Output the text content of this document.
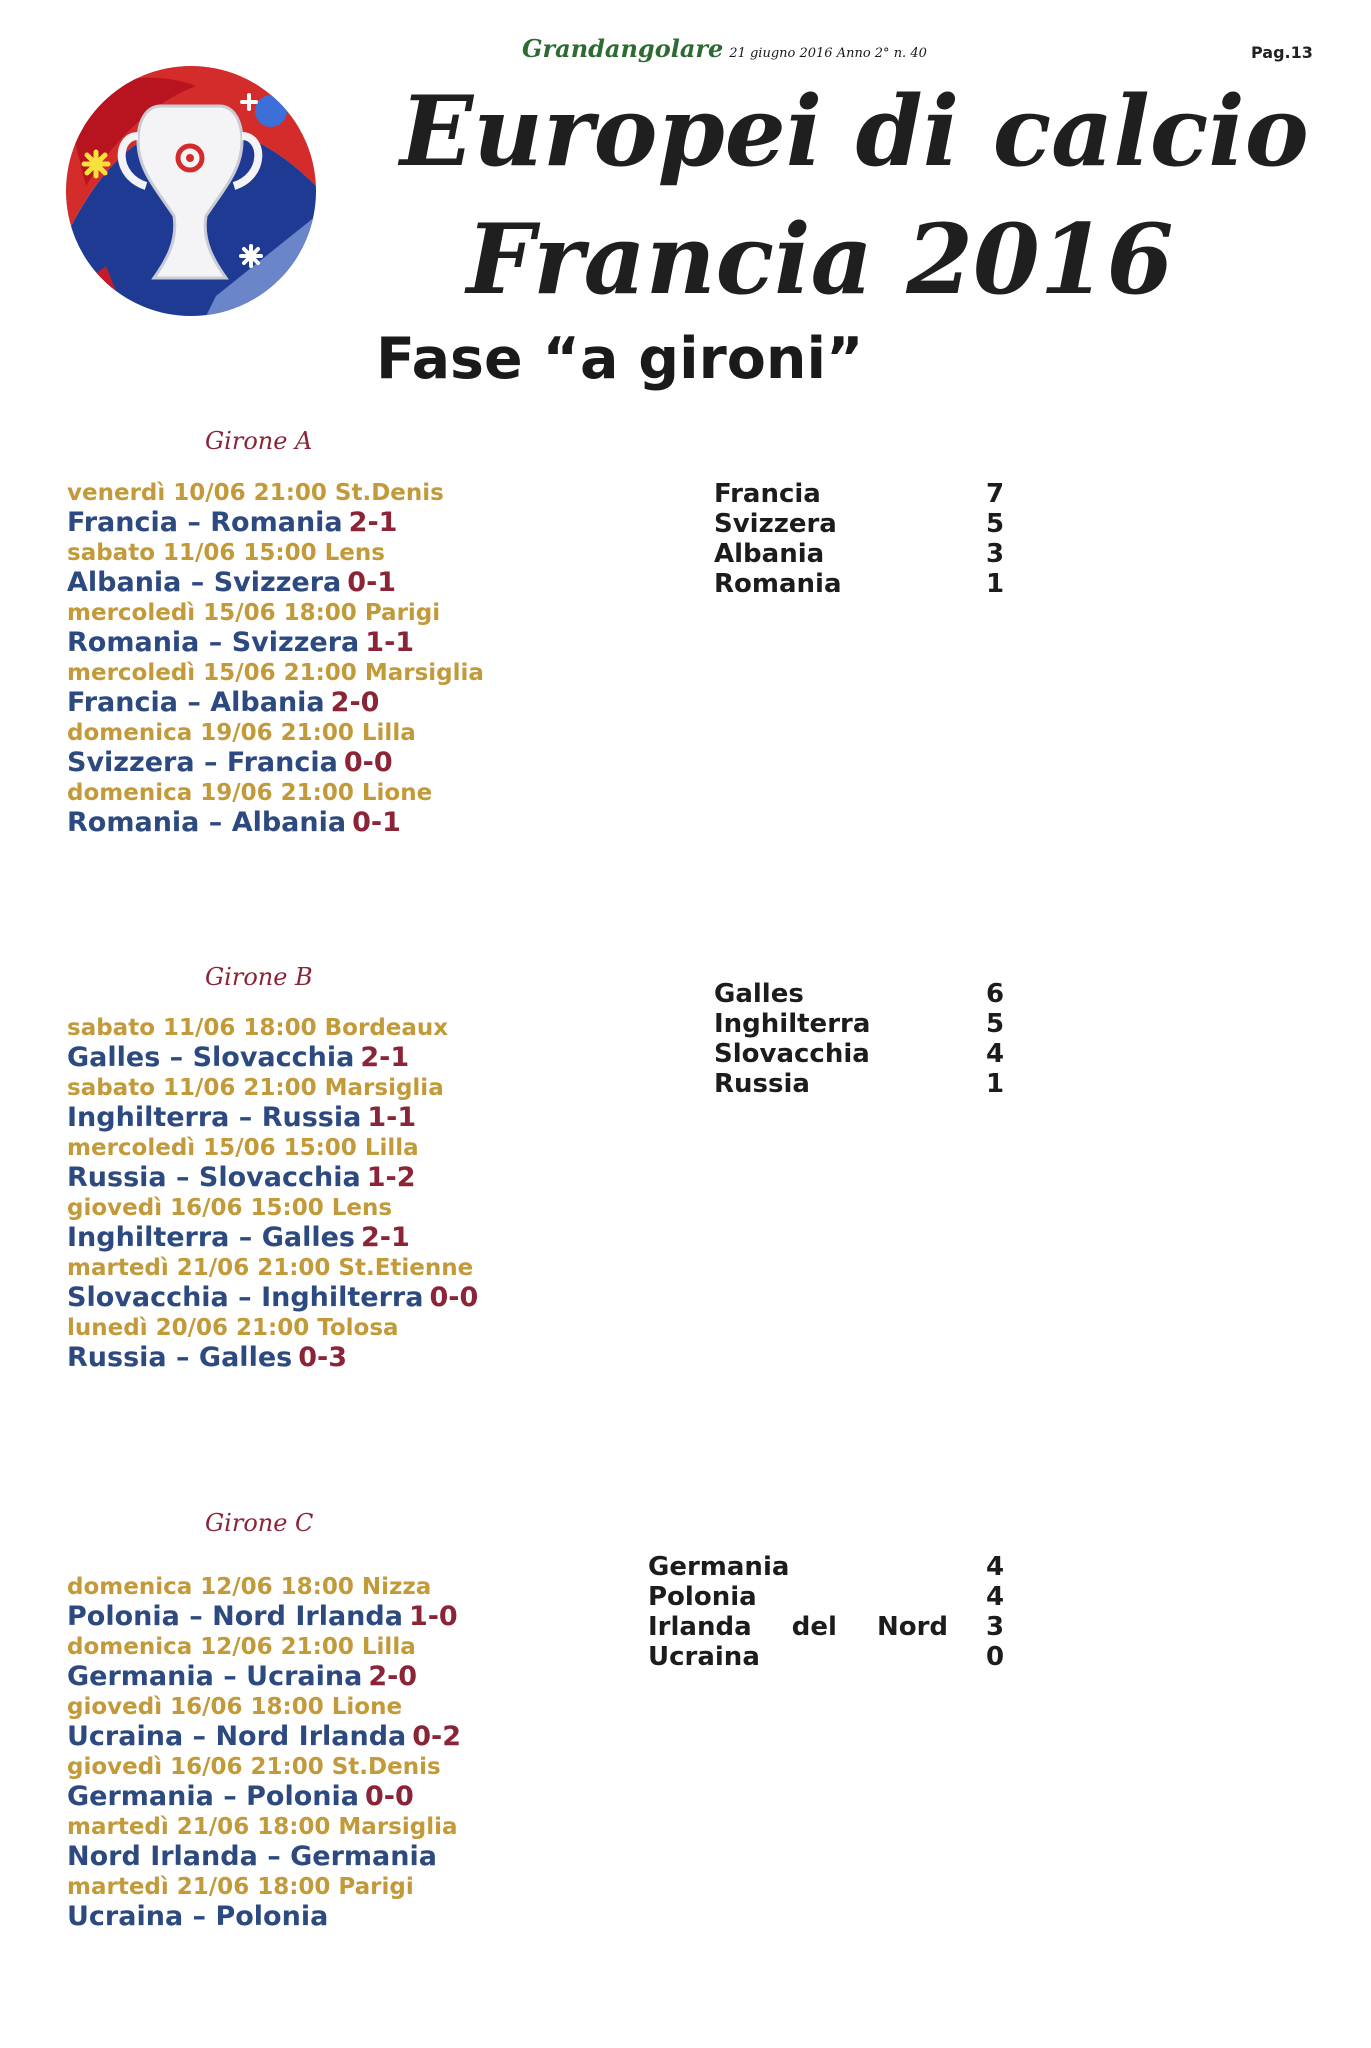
Grandangolare 21 giugno 2016 Anno 2° n. 40	Pag.13
Europei di calcio
Francia 2016
Fase “a gironi”
Girone A
venerdì 10/06 21:00 St.Denis
Francia – Romania 2-1
sabato 11/06 15:00 Lens
Albania – Svizzera 0-1
mercoledì 15/06 18:00 Parigi
Romania – Svizzera 1-1
mercoledì 15/06 21:00 Marsiglia
Francia – Albania 2-0
domenica 19/06 21:00 Lilla
Svizzera – Francia 0-0
domenica 19/06 21:00 Lione
Romania – Albania 0-1
Francia	7
Svizzera	5
Albania	3
Romania	1
Girone B
sabato 11/06 18:00 Bordeaux
Galles – Slovacchia 2-1
sabato 11/06 21:00 Marsiglia
Inghilterra – Russia 1-1
mercoledì 15/06 15:00 Lilla
Russia – Slovacchia 1-2
giovedì 16/06 15:00 Lens
Inghilterra – Galles 2-1
martedì 21/06 21:00 St.Etienne
Slovacchia – Inghilterra 0-0
lunedì 20/06 21:00 Tolosa
Russia – Galles 0-3
Galles	6
Inghilterra	5
Slovacchia	4
Russia	1
Girone C
domenica 12/06 18:00 Nizza
Polonia – Nord Irlanda 1-0
domenica 12/06 21:00 Lilla
Germania – Ucraina 2-0
giovedì 16/06 18:00 Lione
Ucraina – Nord Irlanda 0-2
giovedì 16/06 21:00 St.Denis
Germania – Polonia 0-0
martedì 21/06 18:00 Marsiglia
Nord Irlanda – Germania
martedì 21/06 18:00 Parigi
Ucraina – Polonia
Germania	4
Polonia	4
Irlanda del Nord 3
Ucraina	0
